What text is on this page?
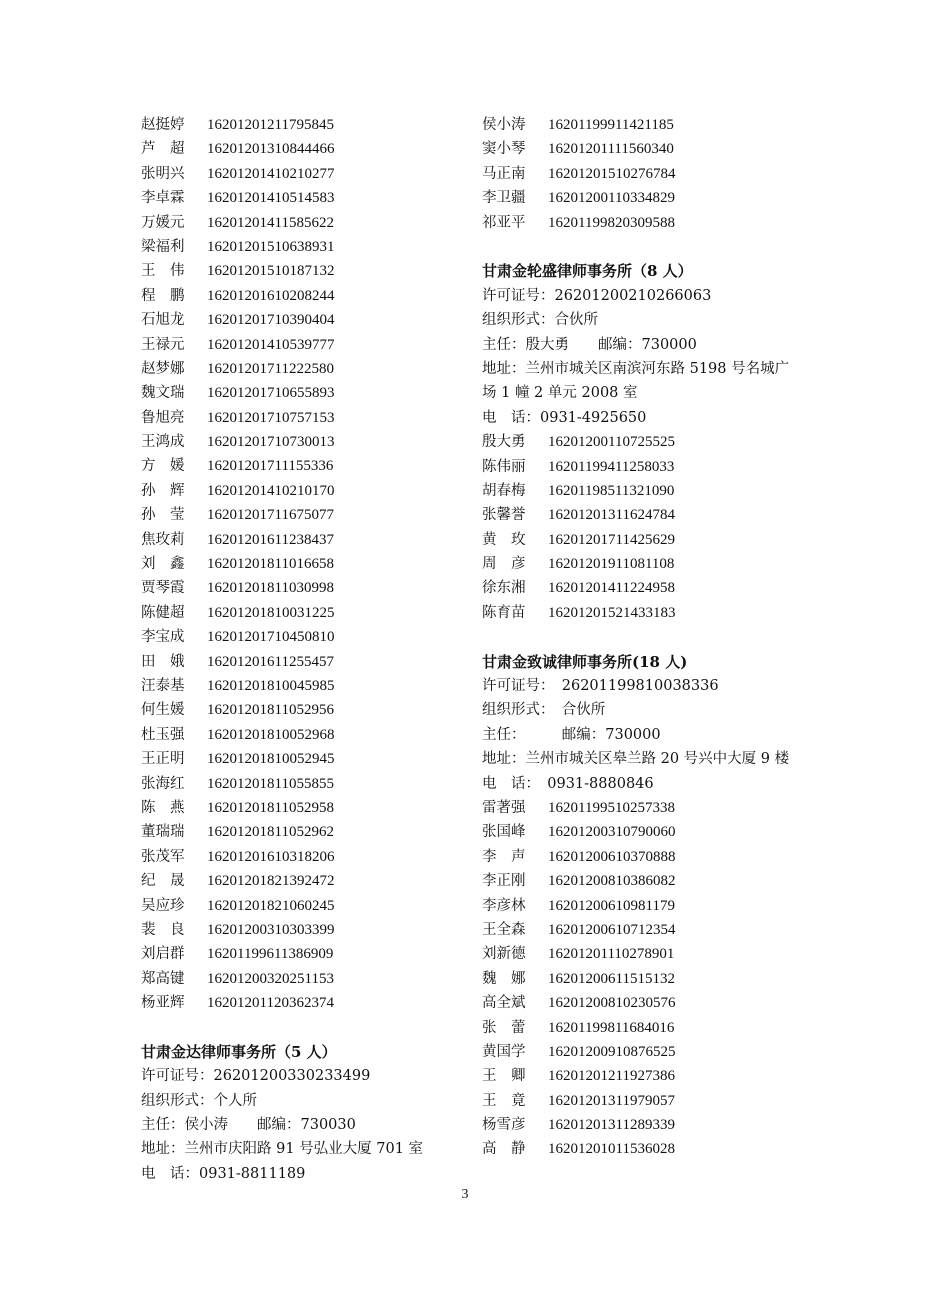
赵挺婷 16201201211795845
芦　超 16201201310844466
张明兴 16201201410210277
李卓霖 16201201410514583
万媛元 16201201411585622
梁福利 16201201510638931
王　伟 16201201510187132
程　鹏 16201201610208244
石旭龙 16201201710390404
王禄元 16201201410539777
赵梦娜 16201201711222580
魏文瑞 16201201710655893
鲁旭亮 16201201710757153
王鸿成 16201201710730013
方　媛 16201201711155336
孙　辉 16201201410210170
孙　莹 16201201711675077
焦玫莉 16201201611238437
刘　鑫 16201201811016658
贾琴霞 16201201811030998
陈健超 16201201810031225
李宝成 16201201710450810
田　娥 16201201611255457
汪泰基 16201201810045985
何生媛 16201201811052956
杜玉强 16201201810052968
王正明 16201201810052945
张海红 16201201811055855
陈　燕 16201201811052958
董瑞瑞 16201201811052962
张茂军 16201201610318206
纪　晟 16201201821392472
吴应珍 16201201821060245
裴　良 16201200310303399
刘启群 16201199611386909
郑高键 16201200320251153
杨亚辉 16201201120362374
甘肃金达律师事务所（5 人）
许可证号：26201200330233499
组织形式：个人所
主任：侯小涛　　邮编：730030
地址：兰州市庆阳路 91 号弘业大厦 701 室
电　话：0931-8811189
侯小涛 16201199911421185
窦小琴 16201201111560340
马正南 16201201510276784
李卫疆 16201200110334829
祁亚平 16201199820309588
甘肃金轮盛律师事务所（8 人）
许可证号：26201200210266063
组织形式：合伙所
主任：殷大勇　　邮编：730000
地址：兰州市城关区南滨河东路 5198 号名城广场 1 幢 2 单元 2008 室
电　话：0931-4925650
殷大勇 16201200110725525
陈伟丽 16201199411258033
胡春梅 16201198511321090
张馨誉 16201201311624784
黄　玫 16201201711425629
周　彦 16201201911081108
徐东湘 16201201411224958
陈育苗 16201201521433183
甘肃金致诚律师事务所(18 人)
许可证号：　26201199810038336
组织形式：　合伙所
主任：　　　邮编：730000
地址：兰州市城关区皋兰路 20 号兴中大厦 9 楼
电　话：　0931-8880846
雷著强 16201199510257338
张国峰 16201200310790060
李　声 16201200610370888
李正刚 16201200810386082
李彦林 16201200610981179
王全森 16201200610712354
刘新德 16201201110278901
魏　娜 16201200611515132
高全斌 16201200810230576
张　蕾 16201199811684016
黄国学 16201200910876525
王　卿 16201201211927386
王　竟 16201201311979057
杨雪彦 16201201311289339
高　静 16201201011536028
3
